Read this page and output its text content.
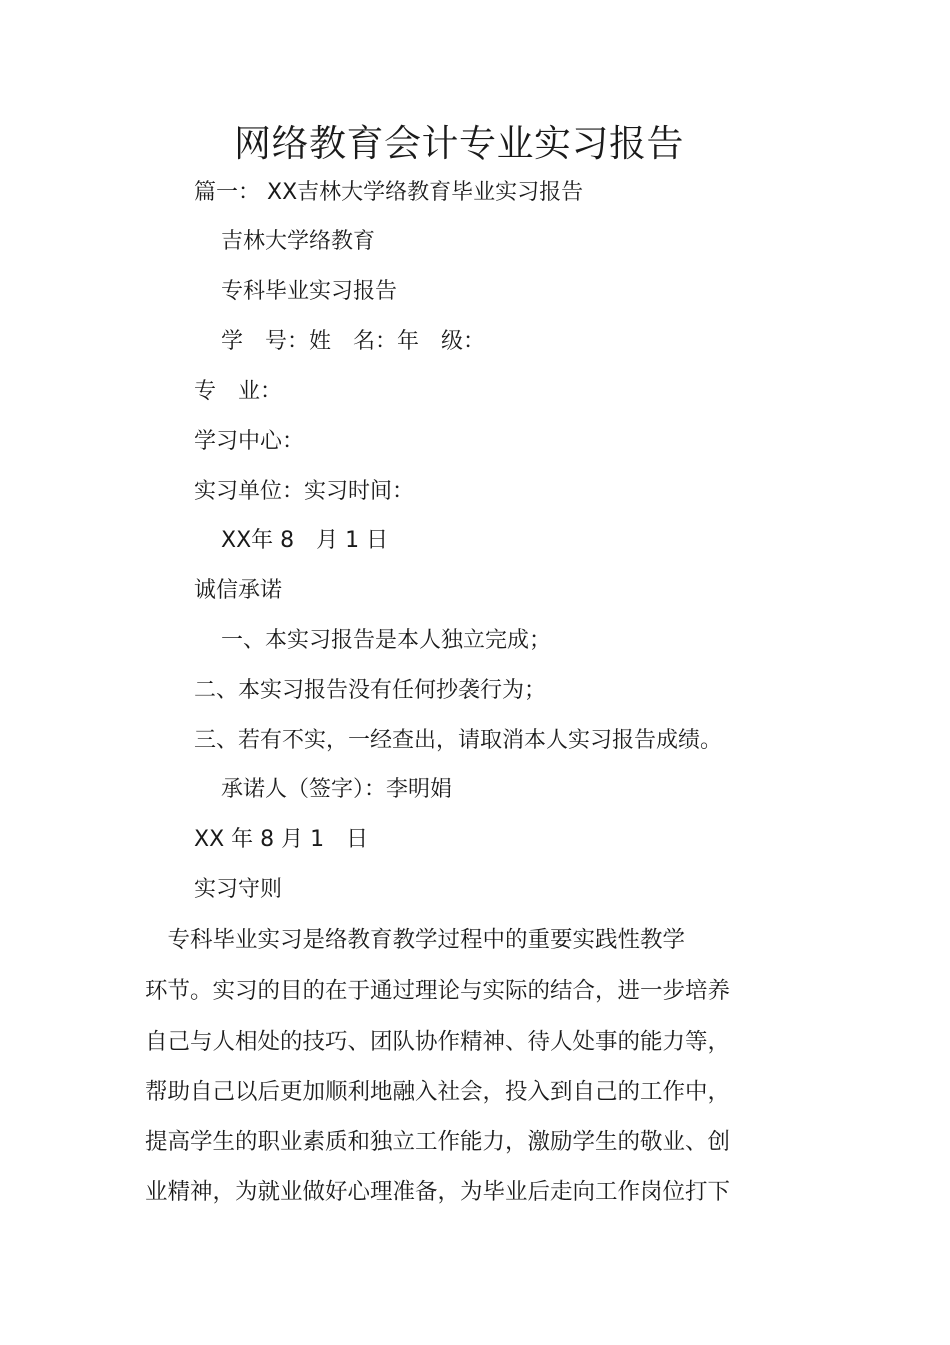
网络教育会计专业实习报告
篇一： XX吉林大学络教育毕业实习报告
吉林大学络教育
专科毕业实习报告
学　号：姓　名：年　级：
专　业：
学习中心：
实习单位：实习时间：
XX年 8　月 1 日
诚信承诺
一、本实习报告是本人独立完成；
二、本实习报告没有任何抄袭行为；
三、若有不实，一经查出，请取消本人实习报告成绩。
承诺人（签字）：李明娟
XX 年 8 月 1　日
实习守则
　专科毕业实习是络教育教学过程中的重要实践性教学
环节。实习的目的在于通过理论与实际的结合，进一步培养
自己与人相处的技巧、团队协作精神、待人处事的能力等，
帮助自己以后更加顺利地融入社会，投入到自己的工作中，
提高学生的职业素质和独立工作能力，激励学生的敬业、创
业精神，为就业做好心理准备，为毕业后走向工作岗位打下
